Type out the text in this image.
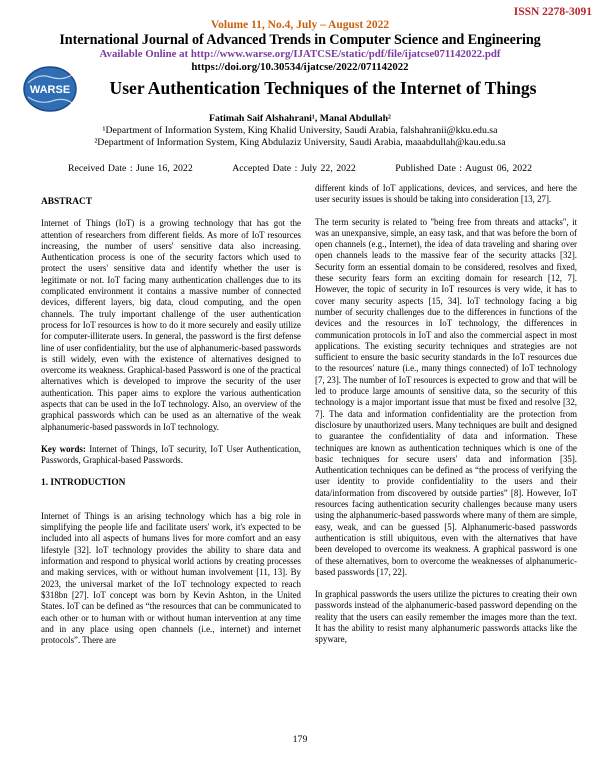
ISSN 2278-3091
Volume 11, No.4, July – August 2022
International Journal of Advanced Trends in Computer Science and Engineering
Available Online at http://www.warse.org/IJATCSE/static/pdf/file/ijatcse071142022.pdf
https://doi.org/10.30534/ijatcse/2022/071142022
WARSE	User Authentication Techniques of the Internet of Things
Fatimah Saif Alshahrani¹, Manal Abdullah²
¹Department of Information System, King Khalid University, Saudi Arabia, falshahranii@kku.edu.sa
²Department of Information System, King Abdulaziz University, Saudi Arabia, maaabdullah@kau.edu.sa
Received Date : June 16, 2022	Accepted Date : July 22, 2022	Published Date : August 06, 2022
ABSTRACT

Internet of Things (IoT) is a growing technology that has got the attention of researchers from different fields. As more of IoT resources increasing, the number of users' sensitive data also increasing. Authentication process is one of the security factors which used to protect the users' sensitive data and identify whether the user is legitimate or not. IoT facing many authentication challenges due to its complicated environment it contains a massive number of connected devices, different layers, big data, cloud computing, and the open channels. The truly important challenge of the user authentication process for IoT resources is how to do it more securely and easily utilize for computer-illiterate users. In general, the password is the first defense line of user confidentiality, but the use of alphanumeric-based passwords is still widely, even with the existence of alternatives designed to overcome its weakness. Graphical-based Password is one of the practical alternatives which is developed to improve the security of the user authentication. This paper aims to explore the various authentication aspects that can be used in the IoT technology. Also, an overview of the graphical passwords which can be used as an alternative of the weak alphanumeric-based passwords in IoT technology.

Key words: Internet of Things, IoT security, IoT User Authentication, Passwords, Graphical-based Passwords.

1. INTRODUCTION

Internet of Things is an arising technology which has a big role in simplifying the people life and facilitate users' work, it's expected to be included into all aspects of humans lives for more comfort and an easy lifestyle [32]. IoT technology provides the ability to share data and information and respond to physical world actions by creating processes and making services, with or without human involvement [11, 13]. By 2023, the universal market of the IoT technology expected to reach $318bn [27]. IoT concept was born by Kevin Ashton, in the United States. IoT can be defined as “the resources that can be communicated to each other or to human with or without human intervention at any time and in any place using open channels (i.e., internet) and internet protocols”. There are

different kinds of IoT applications, devices, and services, and here the user security issues is should be taking into consideration [13, 27].

The term security is related to "being free from threats and attacks", it was an unexpansive, simple, an easy task, and that was before the born of open channels (e.g., Internet), the idea of data traveling and sharing over open channels leads to the massive fear of the security attacks [32]. Security form an essential domain to be considered, resolves and fixed, these security fears form an exciting domain for research [12, 7]. However, the topic of security in IoT resources is very wide, it has to cover many security aspects [15, 34]. IoT technology facing a big number of security challenges due to the differences in functions of the devices and the resources in IoT technology, the differences in communication protocols in IoT and also the commercial aspect in most applications. The existing security techniques and strategies are not sufficient to ensure the basic security standards in the IoT resources due to the resources' nature (i.e., many things connected) of IoT technology [7, 23]. The number of IoT resources is expected to grow and that will be led to produce large amounts of sensitive data, so the security of this technology is a major important issue that must be fixed and resolve [32, 7]. The data and information confidentiality are the protection from disclosure by unauthorized users. Many techniques are built and designed to guarantee the confidentiality of data and information. These techniques are known as authentication techniques which is one of the basic techniques for secure users' data and information [35]. Authentication techniques can be defined as “the process of verifying the user identity to provide confidentiality to the users and their data/information from discovered by outside parties” [8]. However, IoT resources facing authentication security challenges because many users using the alphanumeric-based passwords where many of them are simple, easy, weak, and can be guessed [5]. Alphanumeric-based passwords authentication is still ubiquitous, even with the alternatives that have been developed to overcome its weakness. A graphical password is one of these alternatives, born to overcome the weaknesses of alphanumeric-based passwords [17, 22].

In graphical passwords the users utilize the pictures to creating their own passwords instead of the alphanumeric-based password depending on the reality that the users can easily remember the images more than the text. It has the ability to resist many alphanumeric passwords attacks like the spyware,

179
